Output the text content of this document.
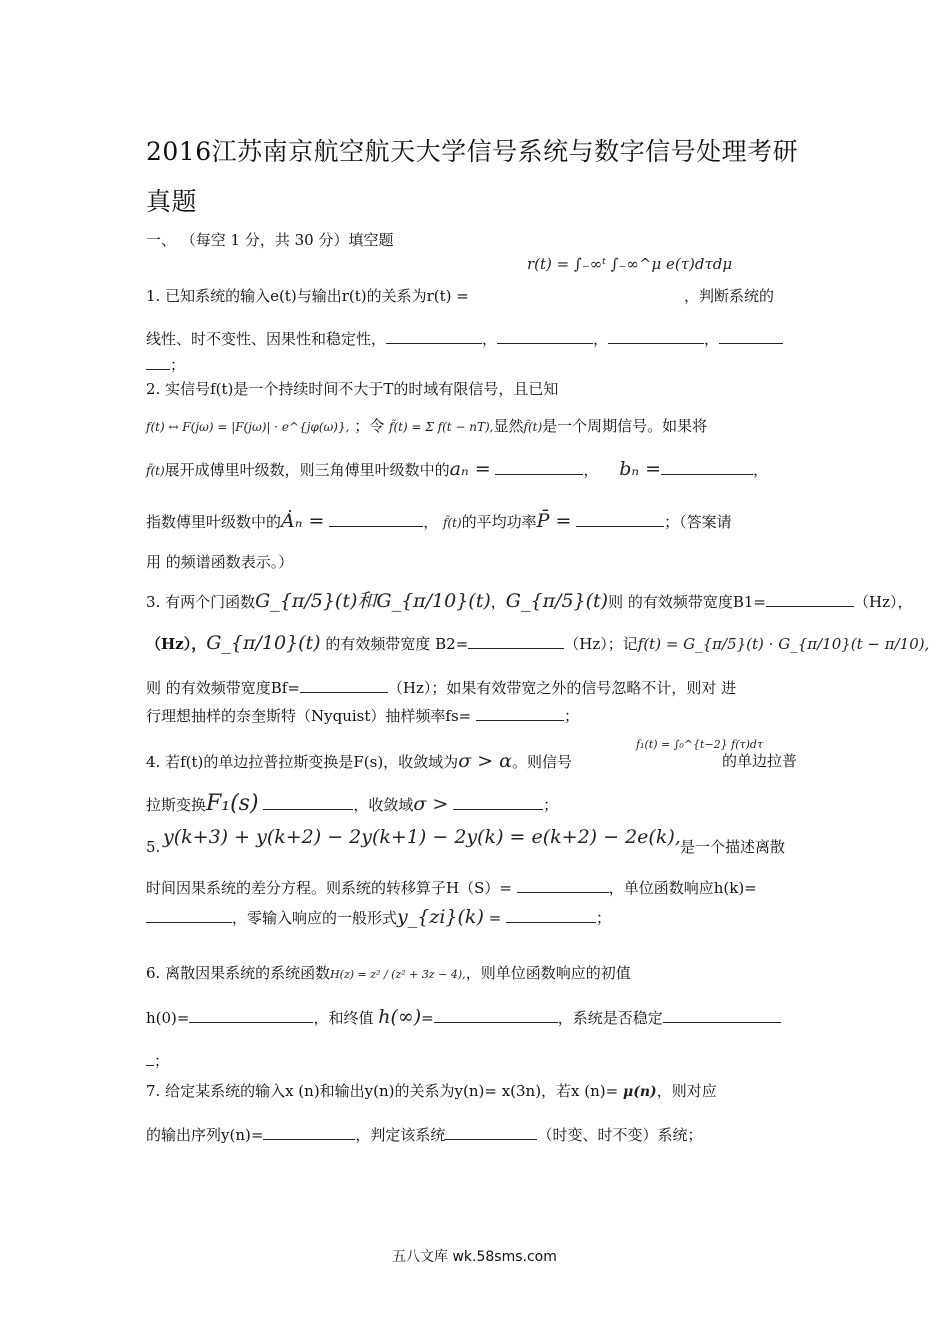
2016江苏南京航空航天大学信号系统与数字信号处理考研
真题
一、 （每空 1 分，共 30 分）填空题
r(t) = ∫₋∞ᵗ ∫₋∞^μ e(τ)dτdμ
1. 已知系统的输入e(t)与输出r(t)的关系为r(t) =	，判断系统的
线性、时不变性、因果性和稳定性，	，	，	，
；
2. 实信号f(t)是一个持续时间不大于T的时域有限信号，且已知
f(t) ↔ F(jω) = |F(jω)| · e^{jφ(ω)}, ；令 f̃(t) = Σ f(t − nT),显然f̃(t)是一个周期信号。如果将
f̃(t)展开成傅里叶级数，则三角傅里叶级数中的aₙ =	， bₙ =	，
指数傅里叶级数中的Ȧₙ =	， f̃(t)的平均功率P̄ =	；（答案请
用 的频谱函数表示。）
3. 有两个门函数G_{π/5}(t)和G_{π/10}(t)，G_{π/5}(t)则 的有效频带宽度B1=	（Hz），
（Hz），G_{π/10}(t) 的有效频带宽度 B2=	（Hz）；记f(t) = G_{π/5}(t) · G_{π/10}(t − π/10),
则 的有效频带宽度Bf=	（Hz）；如果有效带宽之外的信号忽略不计，则对 进
行理想抽样的奈奎斯特（Nyquist）抽样频率fs=	；
f₁(t) = ∫₀^{t−2} f(τ)dτ
4. 若f(t)的单边拉普拉斯变换是F(s)，收敛域为σ > α。则信号	的单边拉普
拉斯变换F₁(s)	，收敛域σ >	；
5. y(k+3) + y(k+2) − 2y(k+1) − 2y(k) = e(k+2) − 2e(k), 是一个描述离散
时间因果系统的差分方程。则系统的转移算子H（S）=	，单位函数响应h(k)=
，零输入响应的一般形式y_{zi}(k) =	；
6. 离散因果系统的系统函数H(z) = z² / (z² + 3z − 4),，则单位函数响应的初值
h(0)=	，和终值 h(∞)=	，系统是否稳定
；
7. 给定某系统的输入x (n)和输出y(n)的关系为y(n)= x(3n)，若x (n)= μ(n)，则对应
的输出序列y(n)=	，判定该系统	（时变、时不变）系统；
五八文库 wk.58sms.com
